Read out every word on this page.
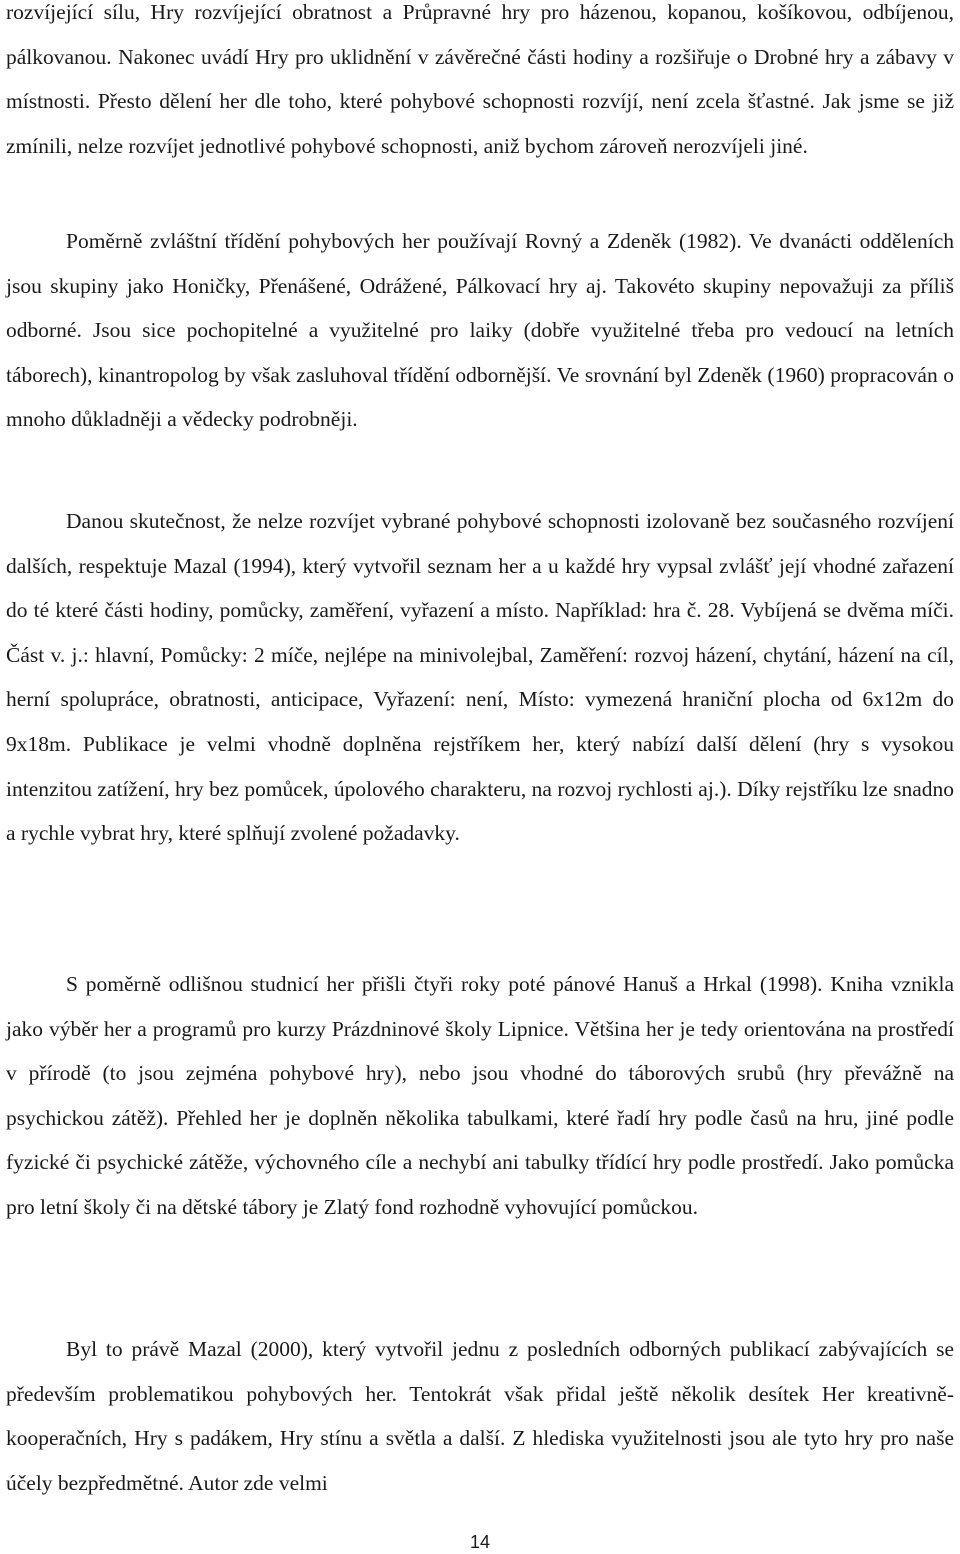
rozvíjející sílu, Hry rozvíjející obratnost a Průpravné hry pro házenou, kopanou, košíkovou, odbíjenou, pálkovanou. Nakonec uvádí Hry pro uklidnění v závěrečné části hodiny a rozšiřuje o Drobné hry a zábavy v místnosti. Přesto dělení her dle toho, které pohybové schopnosti rozvíjí, není zcela šťastné. Jak jsme se již zmínili, nelze rozvíjet jednotlivé pohybové schopnosti, aniž bychom zároveň nerozvíjeli jiné.

Poměrně zvláštní třídění pohybových her používají Rovný a Zdeněk (1982). Ve dvanácti odděleních jsou skupiny jako Honičky, Přenášené, Odrážené, Pálkovací hry aj. Takovéto skupiny nepovažuji za příliš odborné. Jsou sice pochopitelné a využitelné pro laiky (dobře využitelné třeba pro vedoucí na letních táborech), kinantropolog by však zasluhoval třídění odbornější. Ve srovnání byl Zdeněk (1960) propracován o mnoho důkladněji a vědecky podrobněji.

Danou skutečnost, že nelze rozvíjet vybrané pohybové schopnosti izolovaně bez současného rozvíjení dalších, respektuje Mazal (1994), který vytvořil seznam her a u každé hry vypsal zvlášť její vhodné zařazení do té které části hodiny, pomůcky, zaměření, vyřazení a místo. Například: hra č. 28. Vybíjená se dvěma míči. Část v. j.: hlavní, Pomůcky: 2 míče, nejlépe na minivolejbal, Zaměření: rozvoj házení, chytání, házení na cíl, herní spolupráce, obratnosti, anticipace, Vyřazení: není, Místo: vymezená hraniční plocha od 6x12m do 9x18m. Publikace je velmi vhodně doplněna rejstříkem her, který nabízí další dělení (hry s vysokou intenzitou zatížení, hry bez pomůcek, úpolového charakteru, na rozvoj rychlosti aj.). Díky rejstříku lze snadno a rychle vybrat hry, které splňují zvolené požadavky.

S poměrně odlišnou studnicí her přišli čtyři roky poté pánové Hanuš a Hrkal (1998). Kniha vznikla jako výběr her a programů pro kurzy Prázdninové školy Lipnice. Většina her je tedy orientována na prostředí v přírodě (to jsou zejména pohybové hry), nebo jsou vhodné do táborových srubů (hry převážně na psychickou zátěž). Přehled her je doplněn několika tabulkami, které řadí hry podle časů na hru, jiné podle fyzické či psychické zátěže, výchovného cíle a nechybí ani tabulky třídící hry podle prostředí. Jako pomůcka pro letní školy či na dětské tábory je Zlatý fond rozhodně vyhovující pomůckou.

Byl to právě Mazal (2000), který vytvořil jednu z posledních odborných publikací zabývajících se především problematikou pohybových her. Tentokrát však přidal ještě několik desítek Her kreativně-kooperačních, Hry s padákem, Hry stínu a světla a další. Z hlediska využitelnosti jsou ale tyto hry pro naše účely bezpředmětné. Autor zde velmi

14
